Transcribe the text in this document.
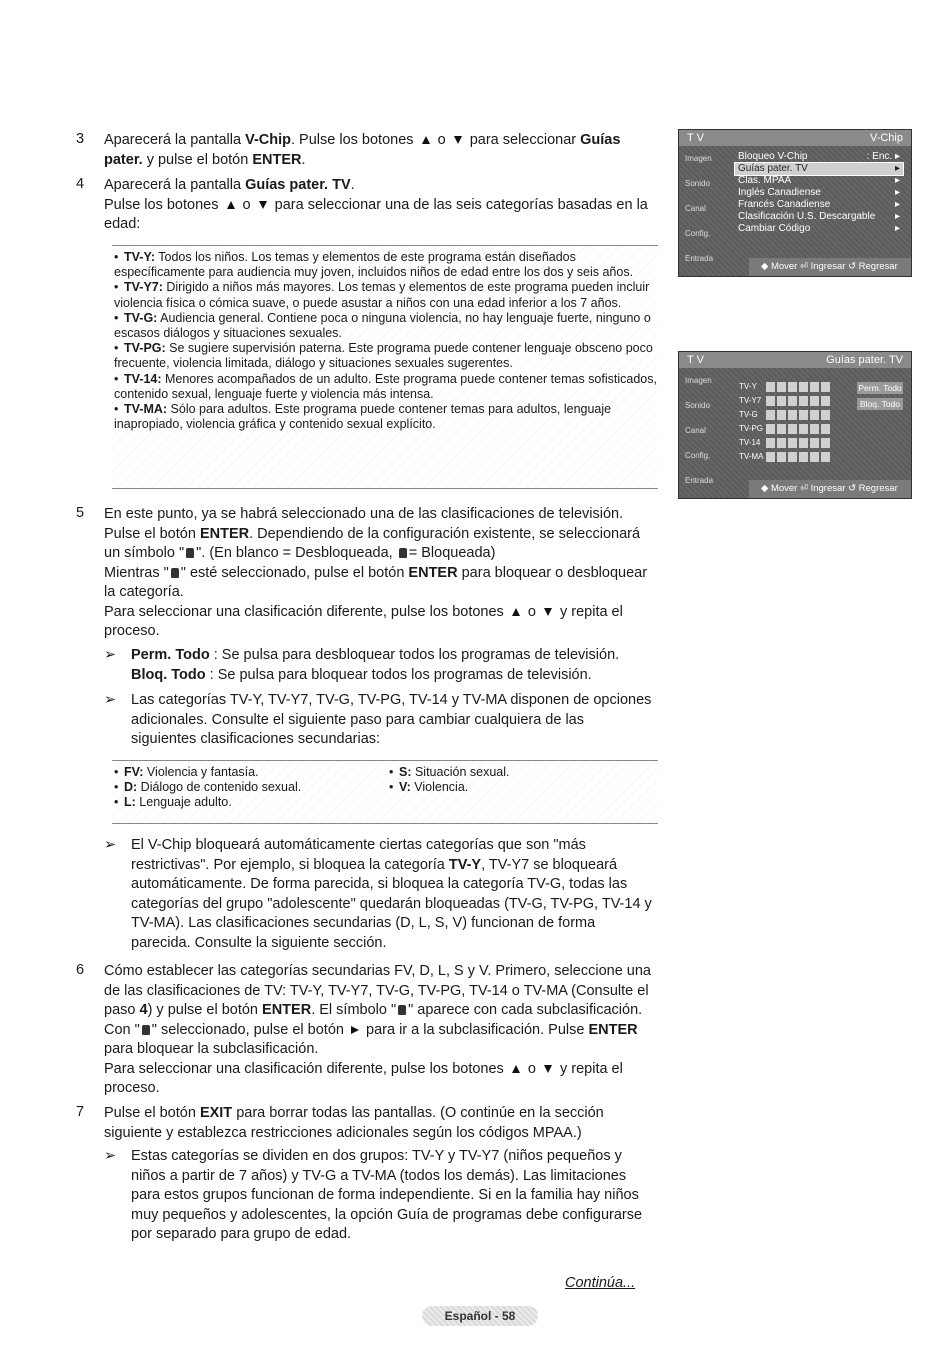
3 Aparecerá la pantalla V-Chip. Pulse los botones  o  para seleccionar Guías pater. y pulse el botón ENTER.
4 Aparecerá la pantalla Guías pater. TV.
Pulse los botones  o  para seleccionar una de las seis categorías basadas en la edad:
• TV-Y: Todos los niños. Los temas y elementos de este programa están diseñados específicamente para audiencia muy joven, incluidos niños de edad entre los dos y seis años.
• TV-Y7: Dirigido a niños más mayores. Los temas y elementos de este programa pueden incluir violencia física o cómica suave, o puede asustar a niños con una edad inferior a los 7 años.
• TV-G: Audiencia general. Contiene poca o ninguna violencia, no hay lenguaje fuerte, ninguno o escasos diálogos y situaciones sexuales.
• TV-PG: Se sugiere supervisión paterna. Este programa puede contener lenguaje obsceno poco frecuente, violencia limitada, diálogo y situaciones sexuales sugerentes.
• TV-14: Menores acompañados de un adulto. Este programa puede contener temas sofisticados, contenido sexual, lenguaje fuerte y violencia más intensa.
• TV-MA: Sólo para adultos. Este programa puede contener temas para adultos, lenguaje inapropiado, violencia gráfica y contenido sexual explícito.
5 En este punto, ya se habrá seleccionado una de las clasificaciones de televisión.
Pulse el botón ENTER. Dependiendo de la configuración existente, se seleccionará un símbolo " ". (En blanco = Desbloqueada, = Bloqueada)
Mientras " " esté seleccionado, pulse el botón ENTER para bloquear o desbloquear la categoría.
Para seleccionar una clasificación diferente, pulse los botones  o  y repita el proceso.
➢	Perm. Todo : Se pulsa para desbloquear todos los programas de televisión.
Bloq. Todo : Se pulsa para bloquear todos los programas de televisión.
➢	Las categorías TV-Y, TV-Y7, TV-G, TV-PG, TV-14 y TV-MA disponen de opciones adicionales. Consulte el siguiente paso para cambiar cualquiera de las siguientes clasificaciones secundarias:
• FV: Violencia y fantasía.	• S: Situación sexual.
• D: Diálogo de contenido sexual.	• V: Violencia.
• L: Lenguaje adulto.
➢	El V-Chip bloqueará automáticamente ciertas categorías que son "más restrictivas". Por ejemplo, si bloquea la categoría TV-Y, TV-Y7 se bloqueará automáticamente. De forma parecida, si bloquea la categoría TV-G, todas las categorías del grupo "adolescente" quedarán bloqueadas (TV-G, TV-PG, TV-14 y TV-MA). Las clasificaciones secundarias (D, L, S, V) funcionan de forma parecida. Consulte la siguiente sección.
6 Cómo establecer las categorías secundarias FV, D, L, S y V. Primero, seleccione una de las clasificaciones de TV: TV-Y, TV-Y7, TV-G, TV-PG, TV-14 o TV-MA (Consulte el paso 4) y pulse el botón ENTER. El símbolo " " aparece con cada subclasificación. Con " " seleccionado, pulse el botón  para ir a la subclasificación. Pulse ENTER para bloquear la subclasificación.
Para seleccionar una clasificación diferente, pulse los botones  o  y repita el proceso.
7 Pulse el botón EXIT para borrar todas las pantallas. (O continúe en la sección siguiente y establezca restricciones adicionales según los códigos MPAA.)
➢	Estas categorías se dividen en dos grupos: TV-Y y TV-Y7 (niños pequeños y niños a partir de 7 años) y TV-G a TV-MA (todos los demás). Las limitaciones para estos grupos funcionan de forma independiente. Si en la familia hay niños muy pequeños y adolescentes, la opción Guía de programas debe configurarse por separado para grupo de edad.
T V	V-Chip
Imagen
Sonido
Canal
Config.
Entrada
Bloqueo V-Chip	: Enc. ▸
Guías pater. TV	▸
Clas. MPAA	▸
Inglés Canadiense	▸
Francés Canadiense	▸
Clasificación U.S. Descargable ▸
Cambiar Código	▸
◆ Mover ⏎ Ingresar ↺ Regresar
T V	Guías pater. TV
Imagen
Sonido
Canal
Config.
Entrada
TV-Y
TV-Y7
TV-G
TV-PG
TV-14
TV-MA
Perm. Todo
Bloq. Todo
◆ Mover ⏎ Ingresar ↺ Regresar
Continúa...
Español - 58
